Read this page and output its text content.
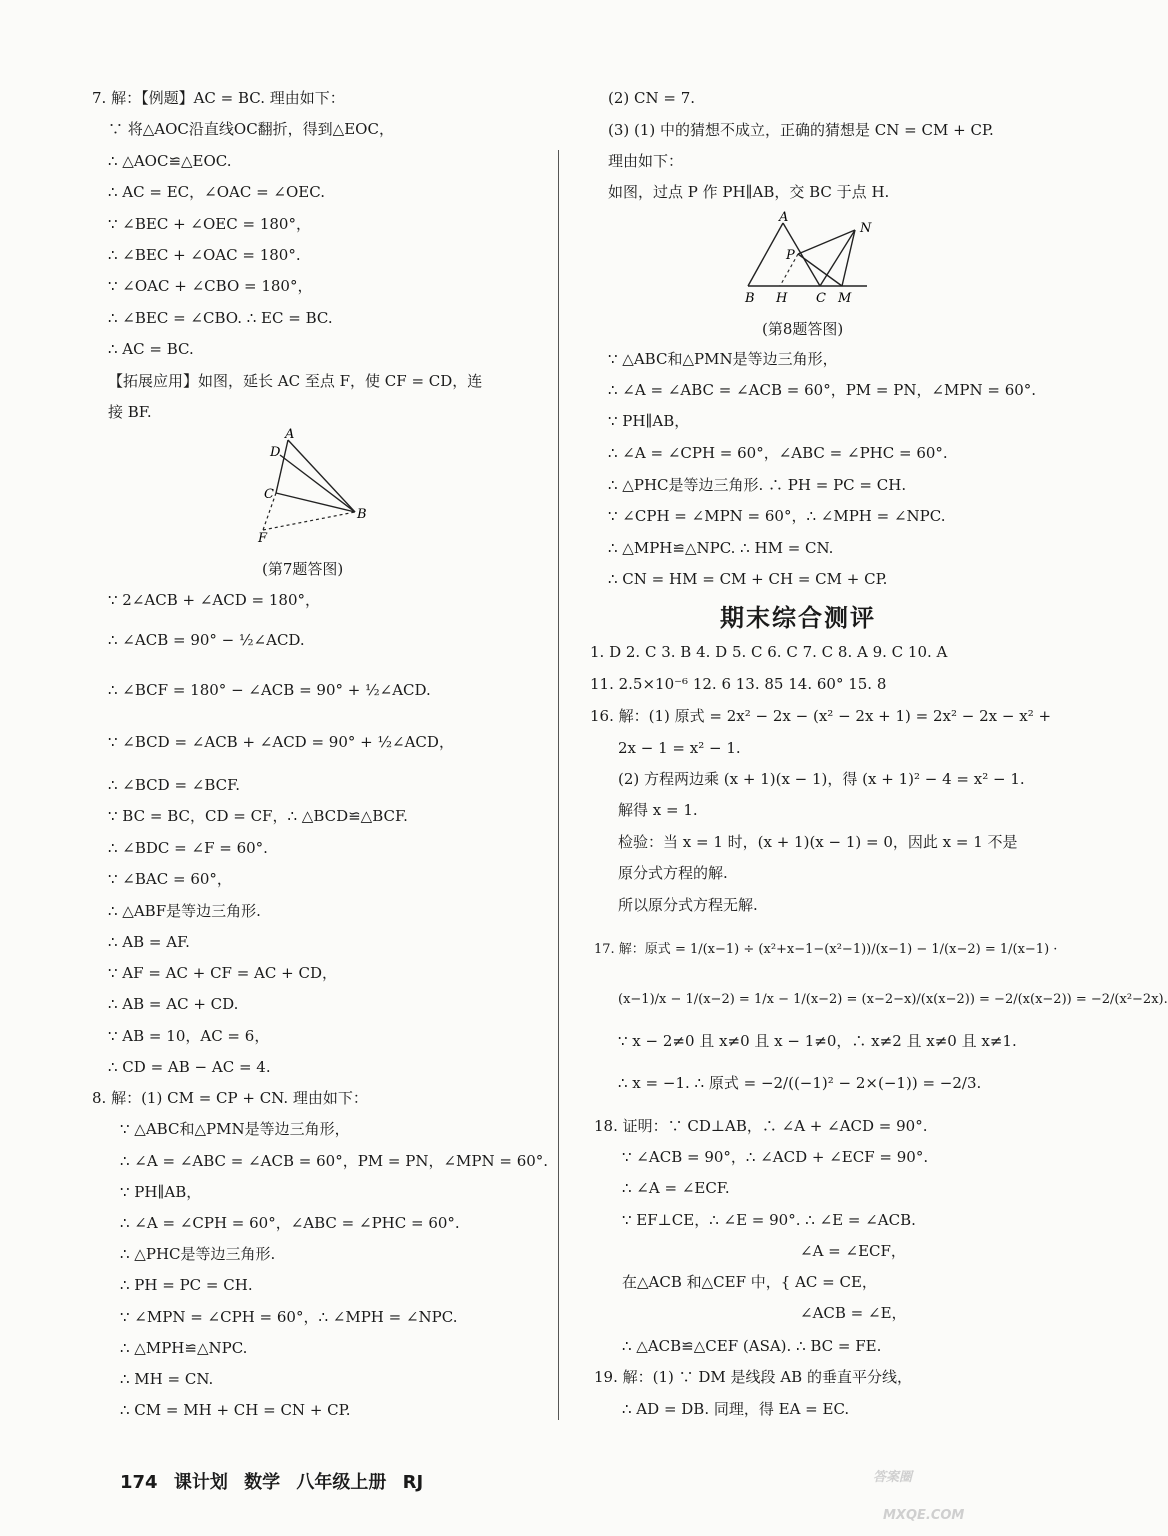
7. 解：【例题】AC = BC. 理由如下：
∵ 将△AOC沿直线OC翻折，得到△EOC，
∴ △AOC≌△EOC.
∴ AC = EC，∠OAC = ∠OEC.
∵ ∠BEC + ∠OEC = 180°，
∴ ∠BEC + ∠OAC = 180°.
∵ ∠OAC + ∠CBO = 180°，
∴ ∠BEC = ∠CBO. ∴ EC = BC.
∴ AC = BC.
【拓展应用】如图，延长 AC 至点 F，使 CF = CD，连
接 BF.
A
D
C
B
F
(第7题答图)
∵ 2∠ACB + ∠ACD = 180°，
∴ ∠ACB = 90° − ½∠ACD.
∴ ∠BCF = 180° − ∠ACB = 90° + ½∠ACD.
∵ ∠BCD = ∠ACB + ∠ACD = 90° + ½∠ACD，
∴ ∠BCD = ∠BCF.
∵ BC = BC，CD = CF，∴ △BCD≌△BCF.
∴ ∠BDC = ∠F = 60°.
∵ ∠BAC = 60°，
∴ △ABF是等边三角形.
∴ AB = AF.
∵ AF = AC + CF = AC + CD，
∴ AB = AC + CD.
∵ AB = 10，AC = 6，
∴ CD = AB − AC = 4.
8. 解：(1) CM = CP + CN. 理由如下：
∵ △ABC和△PMN是等边三角形，
∴ ∠A = ∠ABC = ∠ACB = 60°，PM = PN，∠MPN = 60°.
∵ PH∥AB，
∴ ∠A = ∠CPH = 60°，∠ABC = ∠PHC = 60°.
∴ △PHC是等边三角形.
∴ PH = PC = CH.
∵ ∠MPN = ∠CPH = 60°，∴ ∠MPH = ∠NPC.
∴ △MPH≌△NPC.
∴ MH = CN.
∴ CM = MH + CH = CN + CP.
(2) CN = 7.
(3) (1) 中的猜想不成立，正确的猜想是 CN = CM + CP.
理由如下：
如图，过点 P 作 PH∥AB，交 BC 于点 H.
A
N
P
B H C M
(第8题答图)
∵ △ABC和△PMN是等边三角形，
∴ ∠A = ∠ABC = ∠ACB = 60°，PM = PN，∠MPN = 60°.
∵ PH∥AB，
∴ ∠A = ∠CPH = 60°，∠ABC = ∠PHC = 60°.
∴ △PHC是等边三角形. ∴ PH = PC = CH.
∵ ∠CPH = ∠MPN = 60°，∴ ∠MPH = ∠NPC.
∴ △MPH≌△NPC. ∴ HM = CN.
∴ CN = HM = CM + CH = CM + CP.
期末综合测评
1. D 2. C 3. B 4. D 5. C 6. C 7. C 8. A 9. C 10. A
11. 2.5×10⁻⁶ 12. 6 13. 85 14. 60° 15. 8
16. 解：(1) 原式 = 2x² − 2x − (x² − 2x + 1) = 2x² − 2x − x² +
2x − 1 = x² − 1.
(2) 方程两边乘 (x + 1)(x − 1)，得 (x + 1)² − 4 = x² − 1.
解得 x = 1.
检验：当 x = 1 时，(x + 1)(x − 1) = 0，因此 x = 1 不是
原分式方程的解.
所以原分式方程无解.
17. 解：原式 = 1/(x−1) ÷ (x²+x−1−(x²−1))/(x−1) − 1/(x−2) = 1/(x−1) ·
(x−1)/x − 1/(x−2) = 1/x − 1/(x−2) = (x−2−x)/(x(x−2)) = −2/(x(x−2)) = −2/(x²−2x).
∵ x − 2≠0 且 x≠0 且 x − 1≠0，∴ x≠2 且 x≠0 且 x≠1.
∴ x = −1. ∴ 原式 = −2/((−1)² − 2×(−1)) = −2/3.
18. 证明：∵ CD⊥AB，∴ ∠A + ∠ACD = 90°.
∵ ∠ACB = 90°，∴ ∠ACD + ∠ECF = 90°.
∴ ∠A = ∠ECF.
∵ EF⊥CE，∴ ∠E = 90°. ∴ ∠E = ∠ACB.
∠A = ∠ECF，
在△ACB 和△CEF 中，{ AC = CE，
∠ACB = ∠E，
∴ △ACB≌△CEF (ASA). ∴ BC = FE.
19. 解：(1) ∵ DM 是线段 AB 的垂直平分线，
∴ AD = DB. 同理，得 EA = EC.
174 课计划 数学 八年级上册 RJ	答案圈
MXQE.COM
